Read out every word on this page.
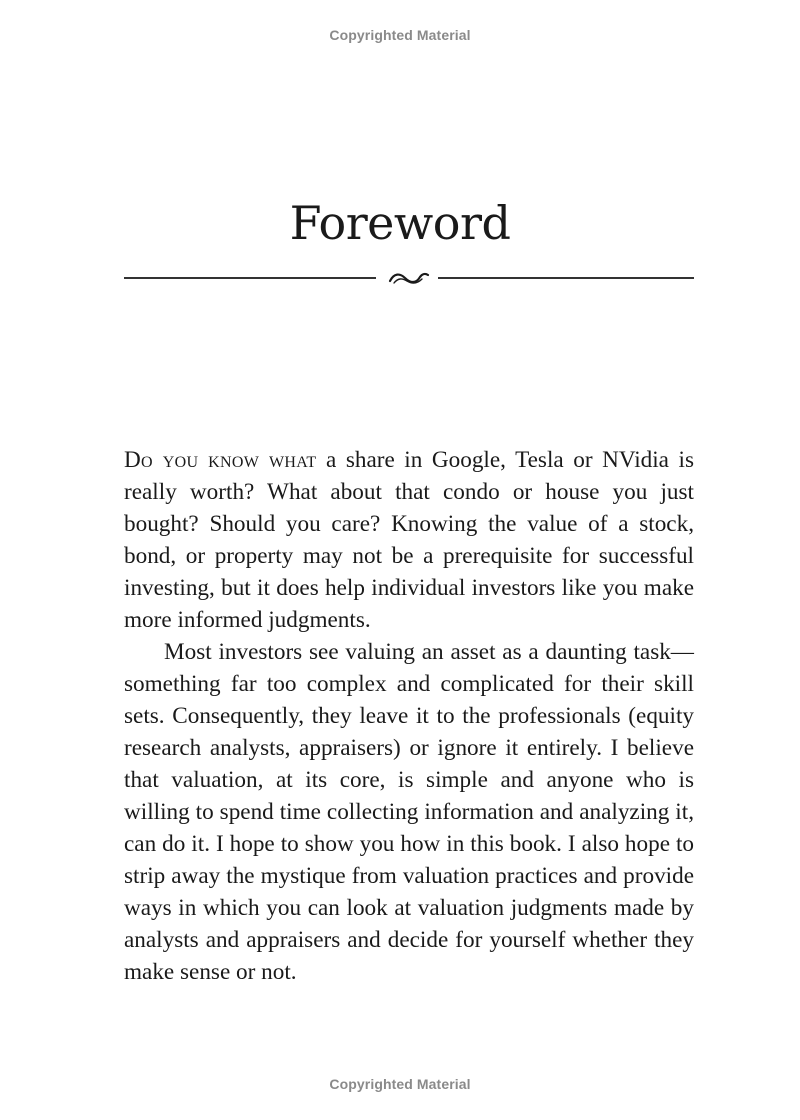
Copyrighted Material
Foreword

Do you know what a share in Google, Tesla or NVidia is really worth? What about that condo or house you just bought? Should you care? Knowing the value of a stock, bond, or property may not be a prerequisite for successful investing, but it does help individual investors like you make more informed judgments.

Most investors see valuing an asset as a daunting task—something far too complex and complicated for their skill sets. Consequently, they leave it to the professionals (equity research analysts, appraisers) or ignore it entirely. I believe that valuation, at its core, is simple and anyone who is willing to spend time collecting information and analyzing it, can do it. I hope to show you how in this book. I also hope to strip away the mystique from valuation practices and provide ways in which you can look at valuation judgments made by analysts and appraisers and decide for yourself whether they make sense or not.

Copyrighted Material
